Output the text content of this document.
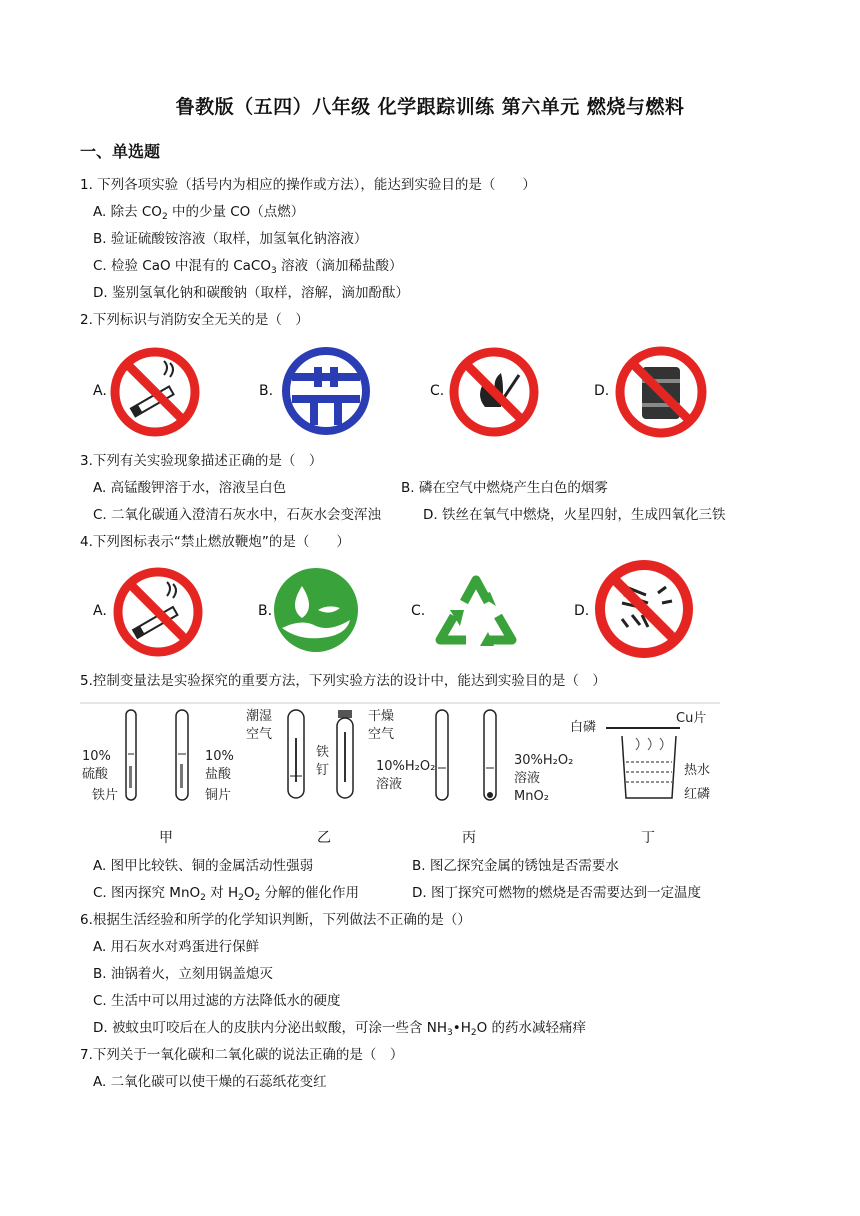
鲁教版（五四）八年级 化学跟踪训练 第六单元 燃烧与燃料
一、单选题
1. 下列各项实验（括号内为相应的操作或方法），能达到实验目的是（　　）
A. 除去 $CO_2$ 中的少量 CO（点燃）
B. 验证硫酸铵溶液（取样，加氢氧化钠溶液）
C. 检验 CaO 中混有的 CaCO$_3$ 溶液（滴加稀盐酸）
D. 鉴别氢氧化钠和碳酸钠（取样，溶解，滴加酚酞）
2.下列标识与消防安全无关的是（　）
A.	B.	C.	D.
3.下列有关实验现象描述正确的是（　）
A. 高锰酸钾溶于水，溶液呈白色	B. 磷在空气中燃烧产生白色的烟雾
C. 二氧化碳通入澄清石灰水中，石灰水会变浑浊	D. 铁丝在氧气中燃烧，火星四射，生成四氧化三铁
4.下列图标表示“禁止燃放鞭炮”的是（　　）
A.	B.	C.	D.
5.控制变量法是实验探究的重要方法，下列实验方法的设计中，能达到实验目的是（　）
10%
硫酸
铁片
10%
盐酸
铜片
潮湿
空气
铁
钉
干燥
空气
10%H₂O₂
溶液
30%H₂O₂
溶液
MnO₂
白磷
Cu片
热水
红磷
甲	乙	丙	丁
A. 图甲比较铁、铜的金属活动性强弱	B. 图乙探究金属的锈蚀是否需要水
C. 图丙探究 MnO$_2$ 对 $H_2O_2$ 分解的催化作用	D. 图丁探究可燃物的燃烧是否需要达到一定温度
6.根据生活经验和所学的化学知识判断，下列做法不正确的是（）
A. 用石灰水对鸡蛋进行保鲜
B. 油锅着火，立刻用锅盖熄灭
C. 生活中可以用过滤的方法降低水的硬度
D. 被蚊虫叮咬后在人的皮肤内分泌出蚁酸，可涂一些含 $NH_3•H_2O$ 的药水减轻痛痒
7.下列关于一氧化碳和二氧化碳的说法正确的是（　）
A. 二氧化碳可以使干燥的石蕊纸花变红
